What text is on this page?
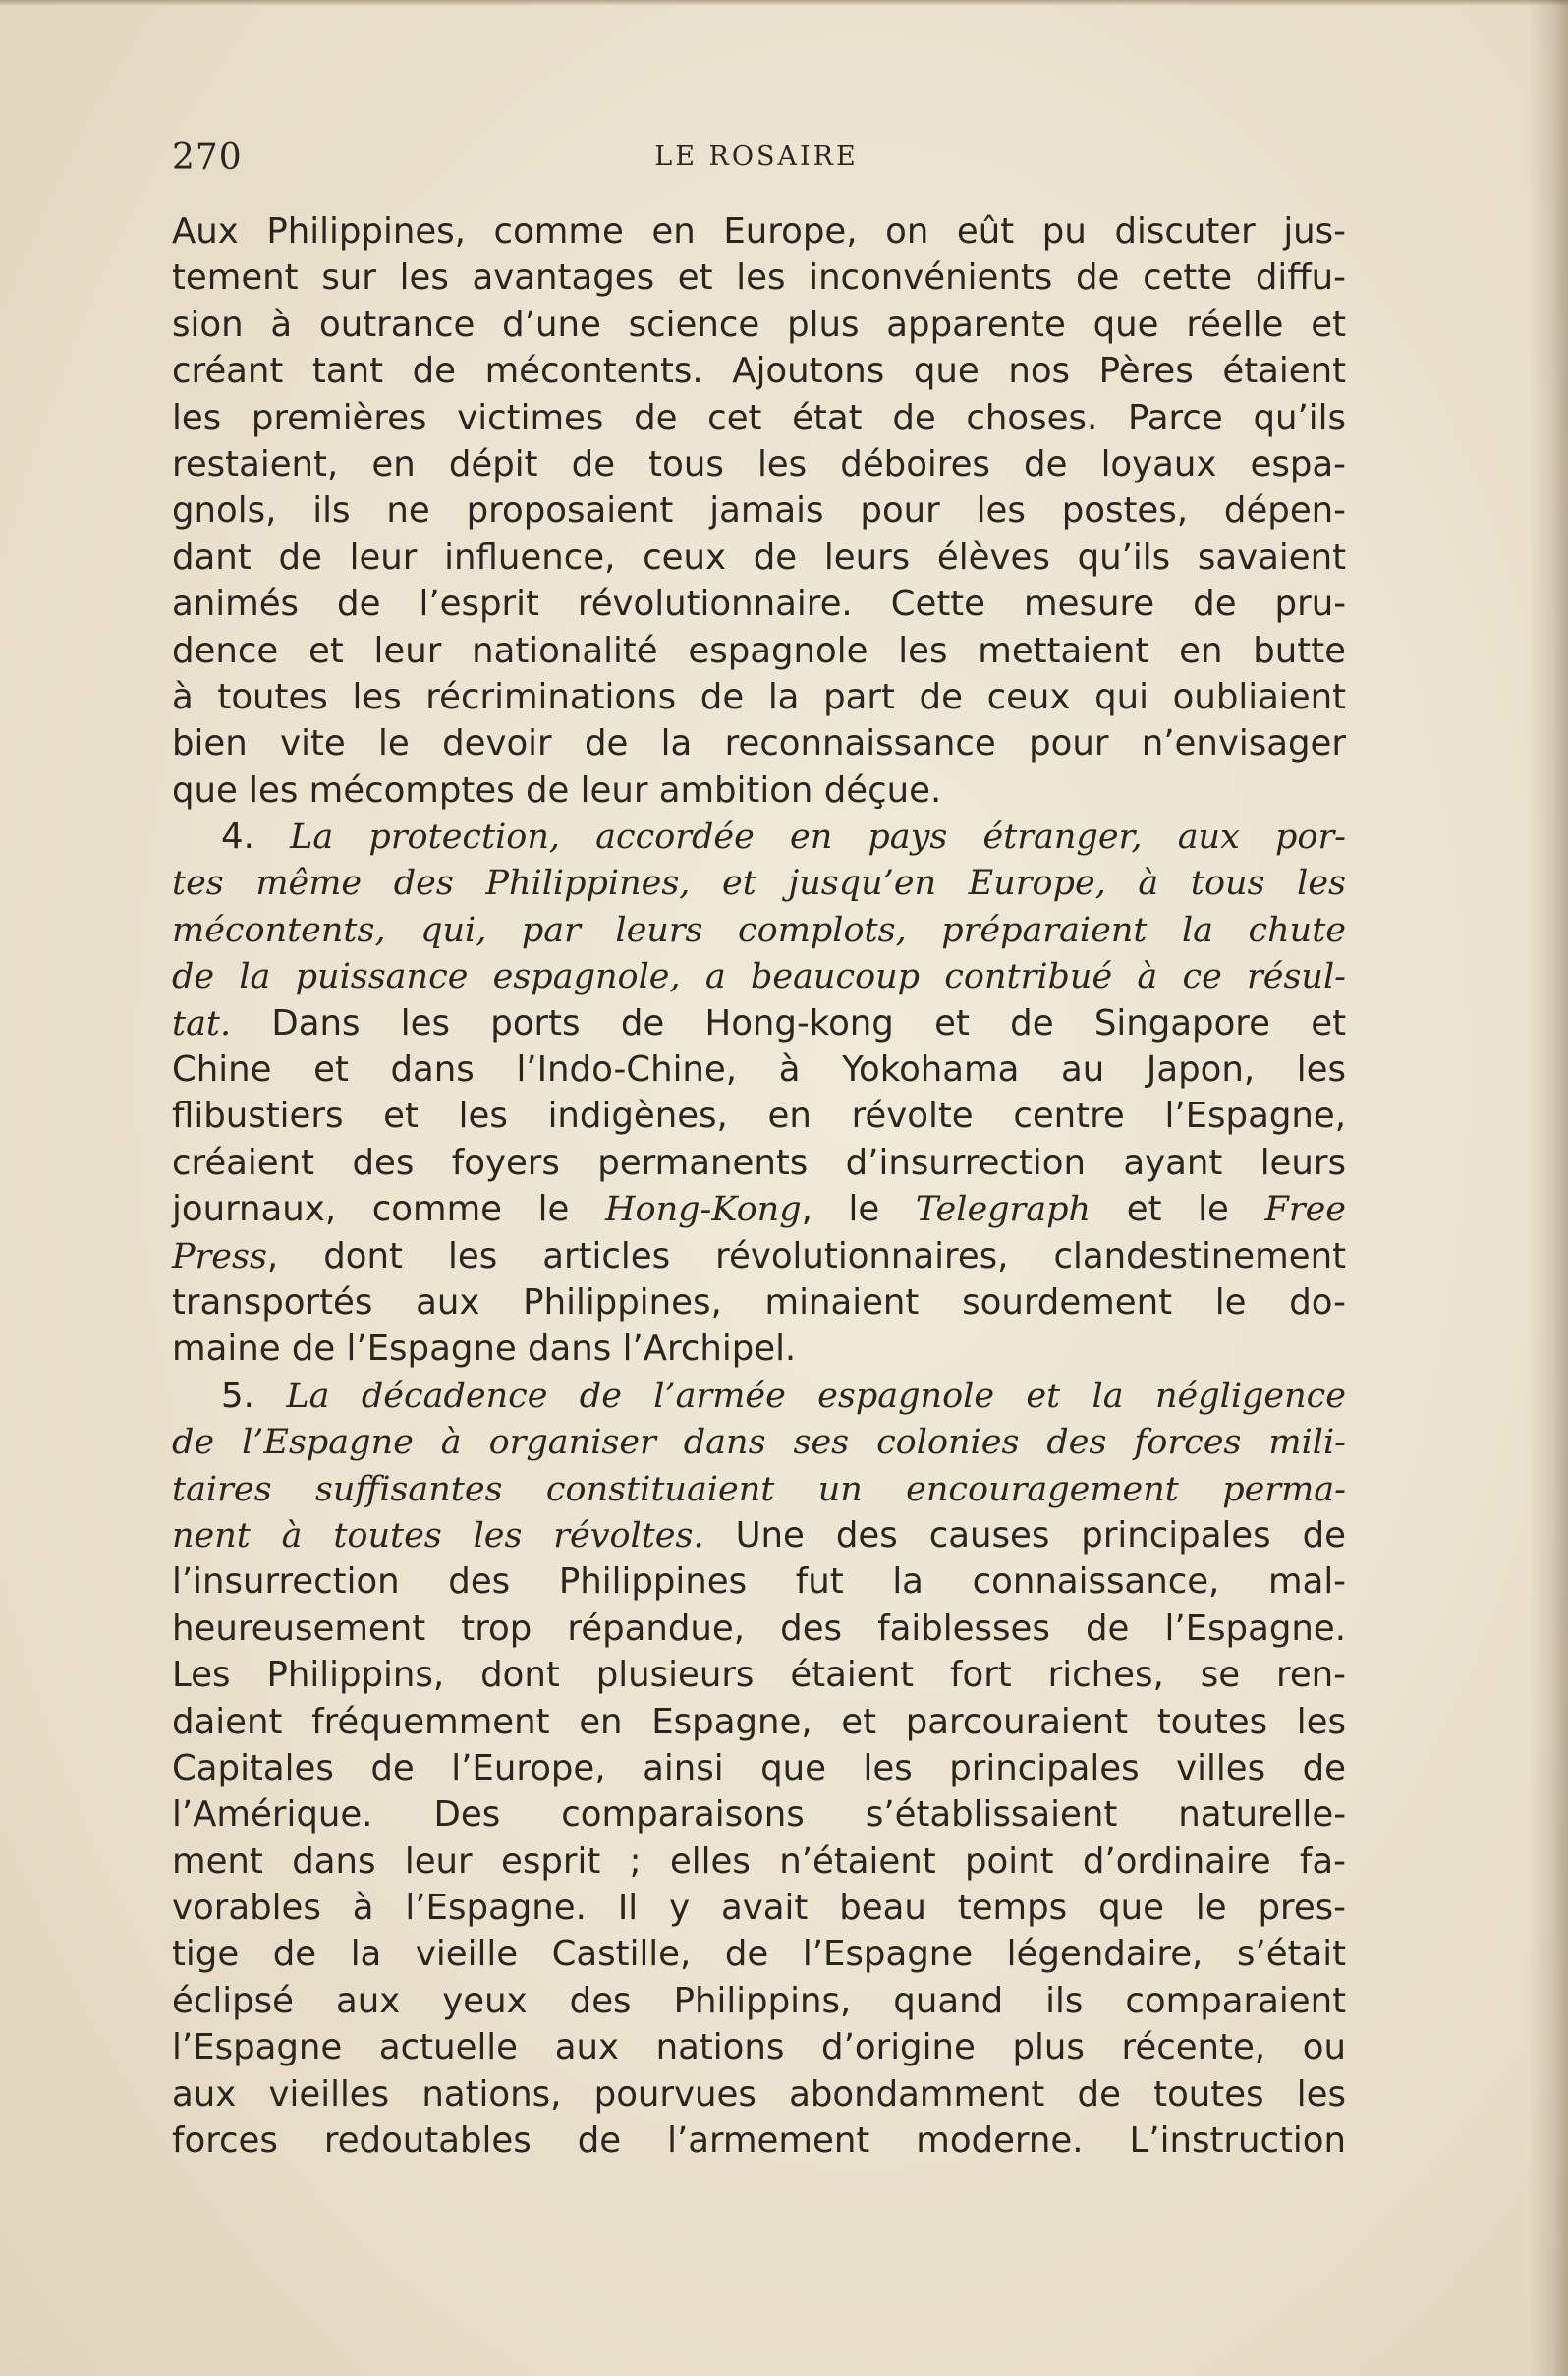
270	LE ROSAIRE
Aux Philippines, comme en Europe, on eût pu discuter jus-
tement sur les avantages et les inconvénients de cette diffu-
sion à outrance d’une science plus apparente que réelle et
créant tant de mécontents. Ajoutons que nos Pères étaient
les premières victimes de cet état de choses. Parce qu’ils
restaient, en dépit de tous les déboires de loyaux espa-
gnols, ils ne proposaient jamais pour les postes, dépen-
dant de leur influence, ceux de leurs élèves qu’ils savaient
animés de l’esprit révolutionnaire. Cette mesure de pru-
dence et leur nationalité espagnole les mettaient en butte
à toutes les récriminations de la part de ceux qui oubliaient
bien vite le devoir de la reconnaissance pour n’envisager
que les mécomptes de leur ambition déçue.
4. La protection, accordée en pays étranger, aux por-
tes même des Philippines, et jusqu’en Europe, à tous les
mécontents, qui, par leurs complots, préparaient la chute
de la puissance espagnole, a beaucoup contribué à ce résul-
tat. Dans les ports de Hong-kong et de Singapore et
Chine et dans l’Indo-Chine, à Yokohama au Japon, les
flibustiers et les indigènes, en révolte centre l’Espagne,
créaient des foyers permanents d’insurrection ayant leurs
journaux, comme le Hong-Kong, le Telegraph et le Free
Press, dont les articles révolutionnaires, clandestinement
transportés aux Philippines, minaient sourdement le do-
maine de l’Espagne dans l’Archipel.
5. La décadence de l’armée espagnole et la négligence
de l’Espagne à organiser dans ses colonies des forces mili-
taires suffisantes constituaient un encouragement perma-
nent à toutes les révoltes. Une des causes principales de
l’insurrection des Philippines fut la connaissance, mal-
heureusement trop répandue, des faiblesses de l’Espagne.
Les Philippins, dont plusieurs étaient fort riches, se ren-
daient fréquemment en Espagne, et parcouraient toutes les
Capitales de l’Europe, ainsi que les principales villes de
l’Amérique. Des comparaisons s’établissaient naturelle-
ment dans leur esprit ; elles n’étaient point d’ordinaire fa-
vorables à l’Espagne. Il y avait beau temps que le pres-
tige de la vieille Castille, de l’Espagne légendaire, s’était
éclipsé aux yeux des Philippins, quand ils comparaient
l’Espagne actuelle aux nations d’origine plus récente, ou
aux vieilles nations, pourvues abondamment de toutes les
forces redoutables de l’armement moderne. L’instruction
